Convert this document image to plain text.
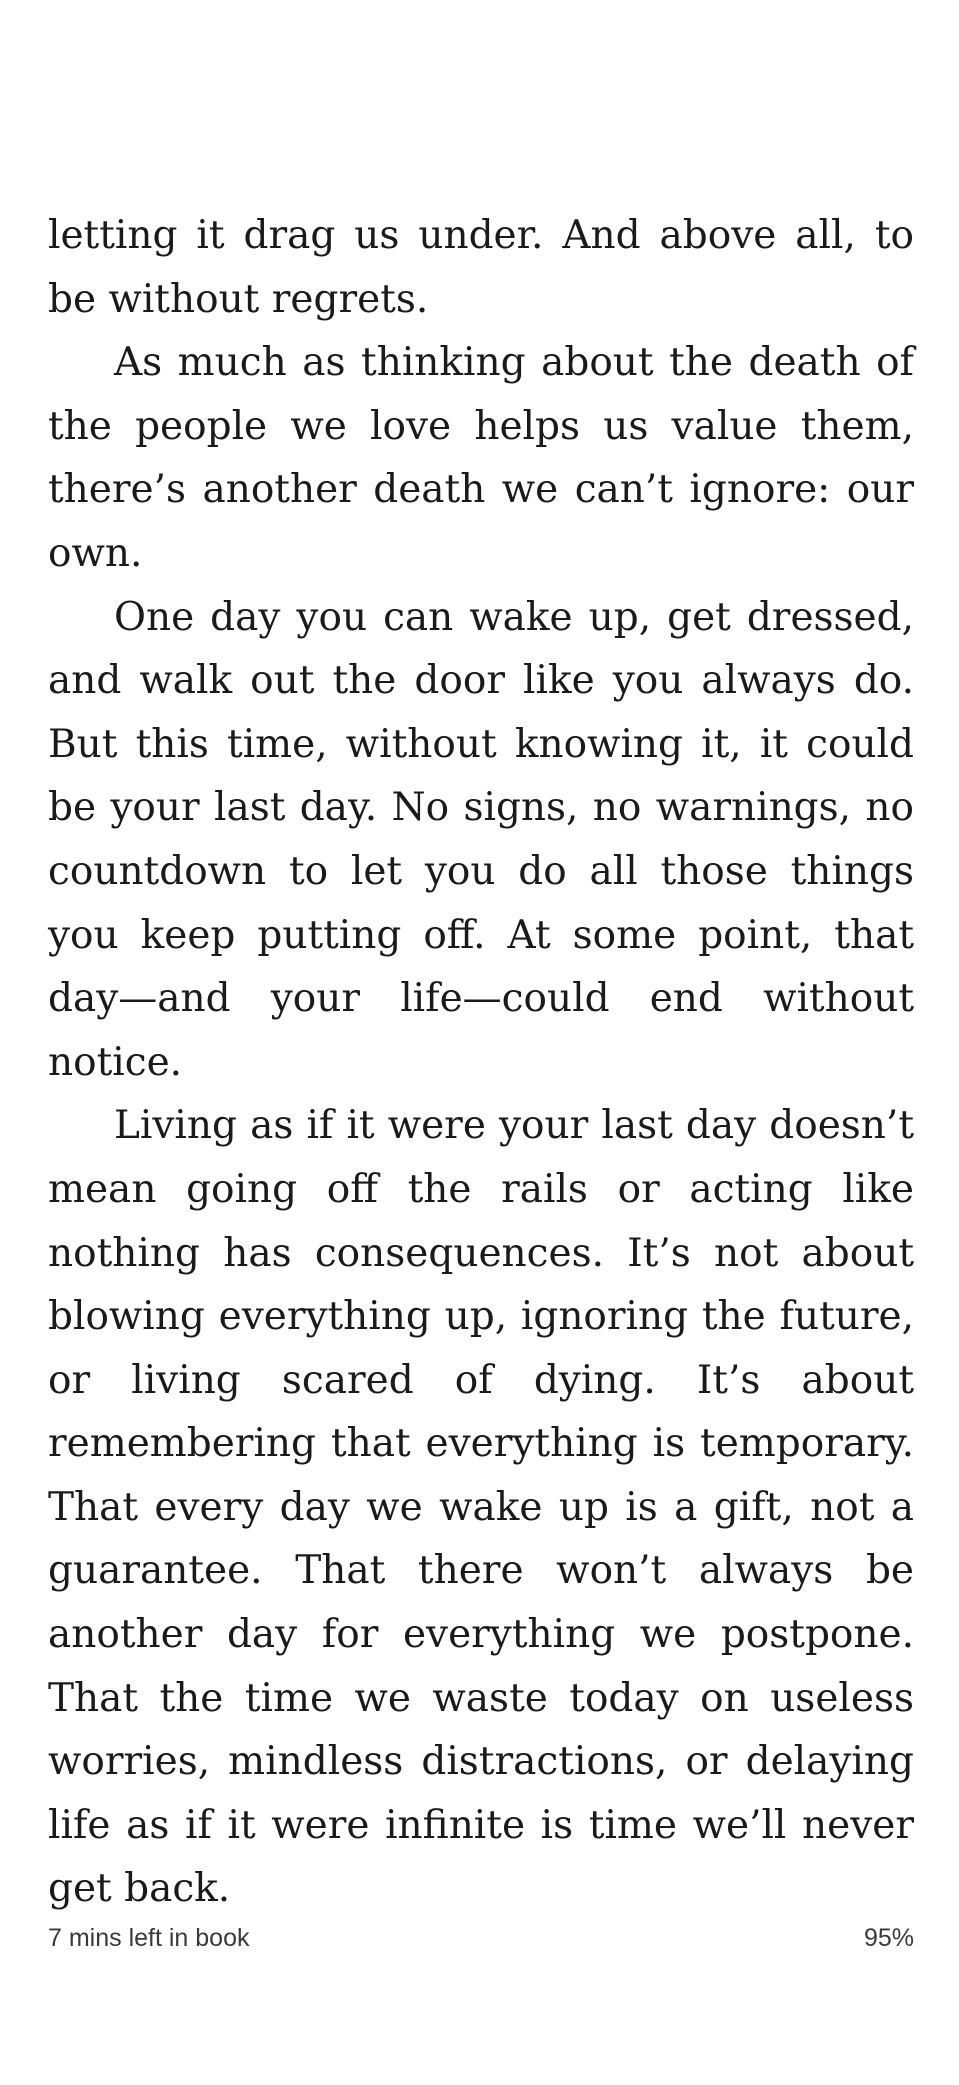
letting it drag us under. And above all, to be without regrets.

As much as thinking about the death of the people we love helps us value them, there’s another death we can’t ignore: our own.

One day you can wake up, get dressed, and walk out the door like you always do. But this time, without knowing it, it could be your last day. No signs, no warnings, no countdown to let you do all those things you keep putting off. At some point, that day—and your life—could end without notice.

Living as if it were your last day doesn’t mean going off the rails or acting like nothing has consequences. It’s not about blowing everything up, ignoring the future, or living scared of dying. It’s about remembering that everything is temporary. That every day we wake up is a gift, not a guarantee. That there won’t always be another day for everything we postpone. That the time we waste today on useless worries, mindless distractions, or delaying life as if it were infinite is time we’ll never get back.

7 mins left in book	95%
